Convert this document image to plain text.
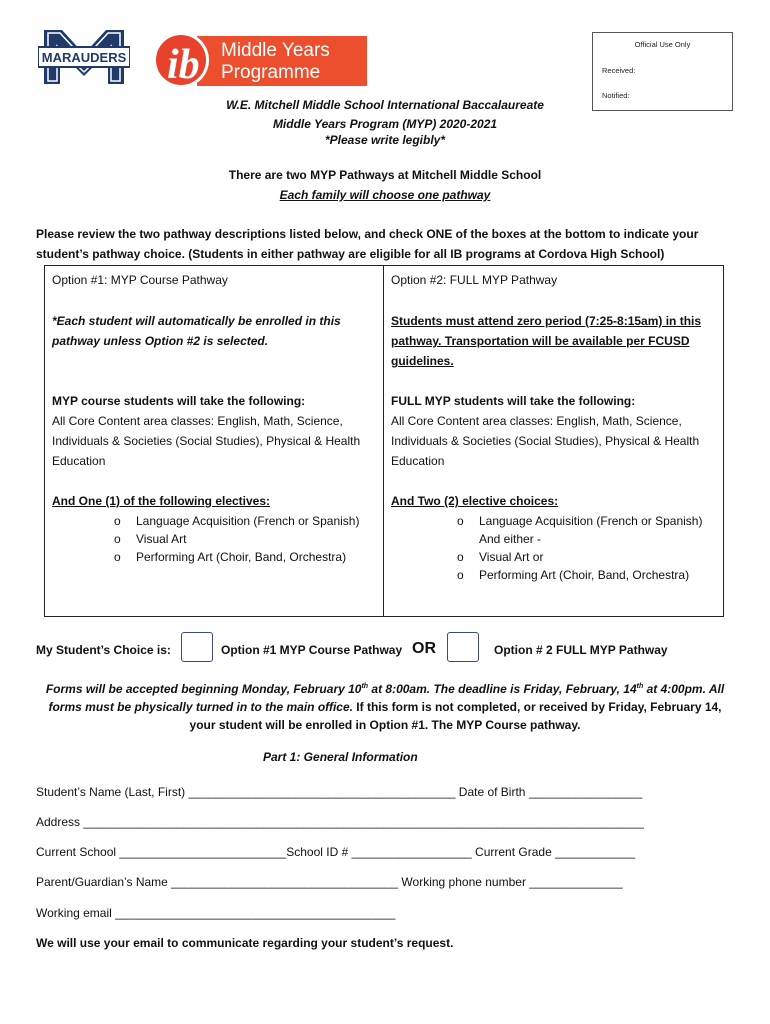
MARAUDERS ib Middle Years
Programme
Official Use Only
Received:
Notified:
W.E. Mitchell Middle School International Baccalaureate
Middle Years Program (MYP) 2020-2021
*Please write legibly*
There are two MYP Pathways at Mitchell Middle School
Each family will choose one pathway
Please review the two pathway descriptions listed below, and check ONE of the boxes at the bottom to indicate your
student’s pathway choice. (Students in either pathway are eligible for all IB programs at Cordova High School)
Option #1: MYP Course Pathway
*Each student will automatically be enrolled in this
pathway unless Option #2 is selected.
MYP course students will take the following:
All Core Content area classes: English, Math, Science,
Individuals & Societies (Social Studies), Physical & Health
Education
And One (1) of the following electives:
o Language Acquisition (French or Spanish)
o Visual Art
o Performing Art (Choir, Band, Orchestra)
Option #2: FULL MYP Pathway
Students must attend zero period (7:25-8:15am) in this
pathway. Transportation will be available per FCUSD
guidelines.
FULL MYP students will take the following:
All Core Content area classes: English, Math, Science,
Individuals & Societies (Social Studies), Physical & Health
Education
And Two (2) elective choices:
o Language Acquisition (French or Spanish)
And either -
o Visual Art or
o Performing Art (Choir, Band, Orchestra)
My Student’s Choice is:	Option #1 MYP Course Pathway OR	Option # 2 FULL MYP Pathway
Forms will be accepted beginning Monday, February 10th at 8:00am. The deadline is Friday, February, 14th at 4:00pm. All
forms must be physically turned in to the main office. If this form is not completed, or received by Friday, February 14,
your student will be enrolled in Option #1. The MYP Course pathway.
Part 1: General Information
Student’s Name (Last, First) ________________________________________ Date of Birth _________________
Address ____________________________________________________________________________________
Current School _________________________School ID # __________________ Current Grade ____________
Parent/Guardian’s Name __________________________________ Working phone number ______________
Working email __________________________________________
We will use your email to communicate regarding your student’s request.
